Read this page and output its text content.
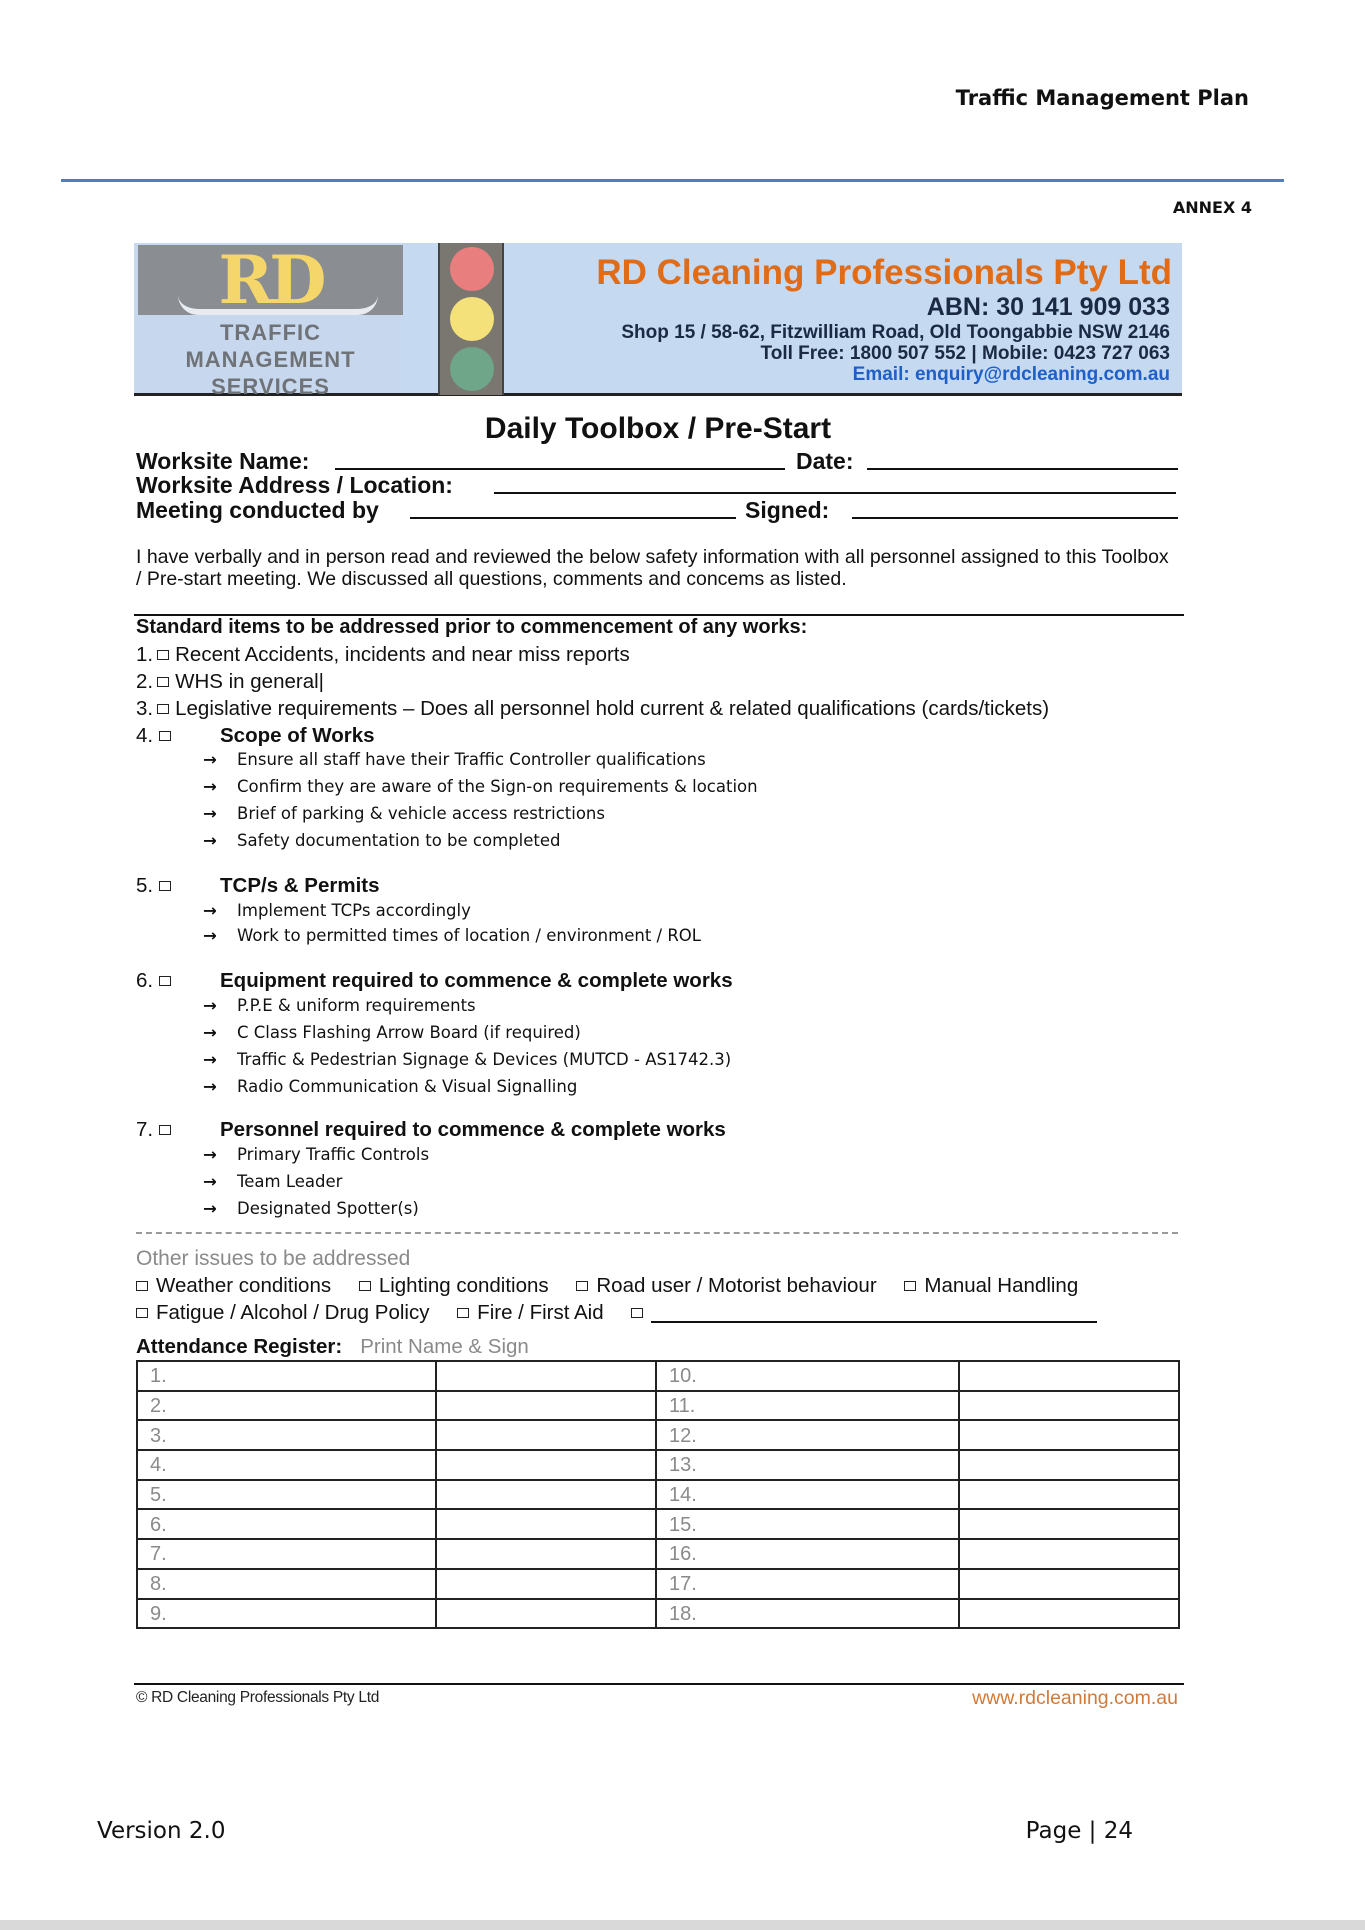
Traffic Management Plan
ANNEX 4
RD
TRAFFIC
MANAGEMENT
SERVICES
RD Cleaning Professionals Pty Ltd
ABN: 30 141 909 033
Shop 15 / 58-62, Fitzwilliam Road, Old Toongabbie NSW 2146
Toll Free: 1800 507 552 | Mobile: 0423 727 063
Email: enquiry@rdcleaning.com.au
Daily Toolbox / Pre-Start
Worksite Name:	Date:
Worksite Address / Location:
Meeting conducted by	Signed:
I have verbally and in person read and reviewed the below safety information with all personnel assigned to this Toolbox / Pre-start meeting. We discussed all questions, comments and concems as listed.
Standard items to be addressed prior to commencement of any works:
1. Recent Accidents, incidents and near miss reports
2. WHS in general|
3. Legislative requirements – Does all personnel hold current & related qualifications (cards/tickets)
4.	Scope of Works
→ Ensure all staff have their Traffic Controller qualifications
→ Confirm they are aware of the Sign-on requirements & location
→ Brief of parking & vehicle access restrictions
→ Safety documentation to be completed
5.	TCP/s & Permits
→ Implement TCPs accordingly
→ Work to permitted times of location / environment / ROL
6.	Equipment required to commence & complete works
→ P.P.E & uniform requirements
→ C Class Flashing Arrow Board (if required)
→ Traffic & Pedestrian Signage & Devices (MUTCD - AS1742.3)
→ Radio Communication & Visual Signalling
7.	Personnel required to commence & complete works
→ Primary Traffic Controls
→ Team Leader
→ Designated Spotter(s)
Other issues to be addressed
Weather conditions Lighting conditions Road user / Motorist behaviour Manual Handling
Fatigue / Alcohol / Drug Policy Fire / First Aid
Attendance Register: Print Name & Sign
1.		10.	
2.		11.	
3.		12.	
4.		13.	
5.		14.	
6.		15.	
7.		16.	
8.		17.	
9.		18.	
© RD Cleaning Professionals Pty Ltd	www.rdcleaning.com.au
Version 2.0	Page | 24
